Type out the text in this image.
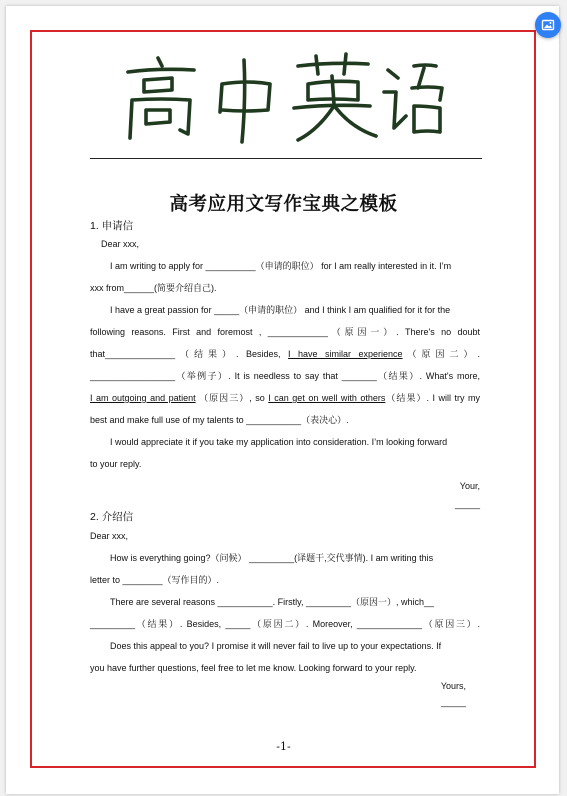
高考应用文写作宝典之模板
1. 申请信
Dear xxx,
I am writing to apply for __________（申请的职位） for I am really interested in it. I’m
xxx from______(简要介绍自己).
I have a great passion for _____（申请的职位） and I think I am qualified for it for the
following reasons. First and foremost , ____________（原因一）. There's no doubt
that______________（结果）. Besides, I have similar experience（原因二）.
_________________（举例子）. It is needless to say that _______（结果）. What's more,
I am outgoing and patient （原因三）, so I can get on well with others（结果）. I will try my
best and make full use of my talents to ___________（表决心）.
I would appreciate it if you take my application into consideration. I’m looking forward
to your reply.
Your,
_____
2. 介绍信
Dear xxx,
How is everything going?（问候） _________(译题干,交代事情). I am writing this
letter to ________（写作目的）.
There are several reasons ___________. Firstly, _________（原因一）, which__
_________（结果）. Besides, _____（原因二）. Moreover, _____________（原因三）.
Does this appeal to you? I promise it will never fail to live up to your expectations. If
you have further questions, feel free to let me know. Looking forward to your reply.
Yours,
_____
-1-
